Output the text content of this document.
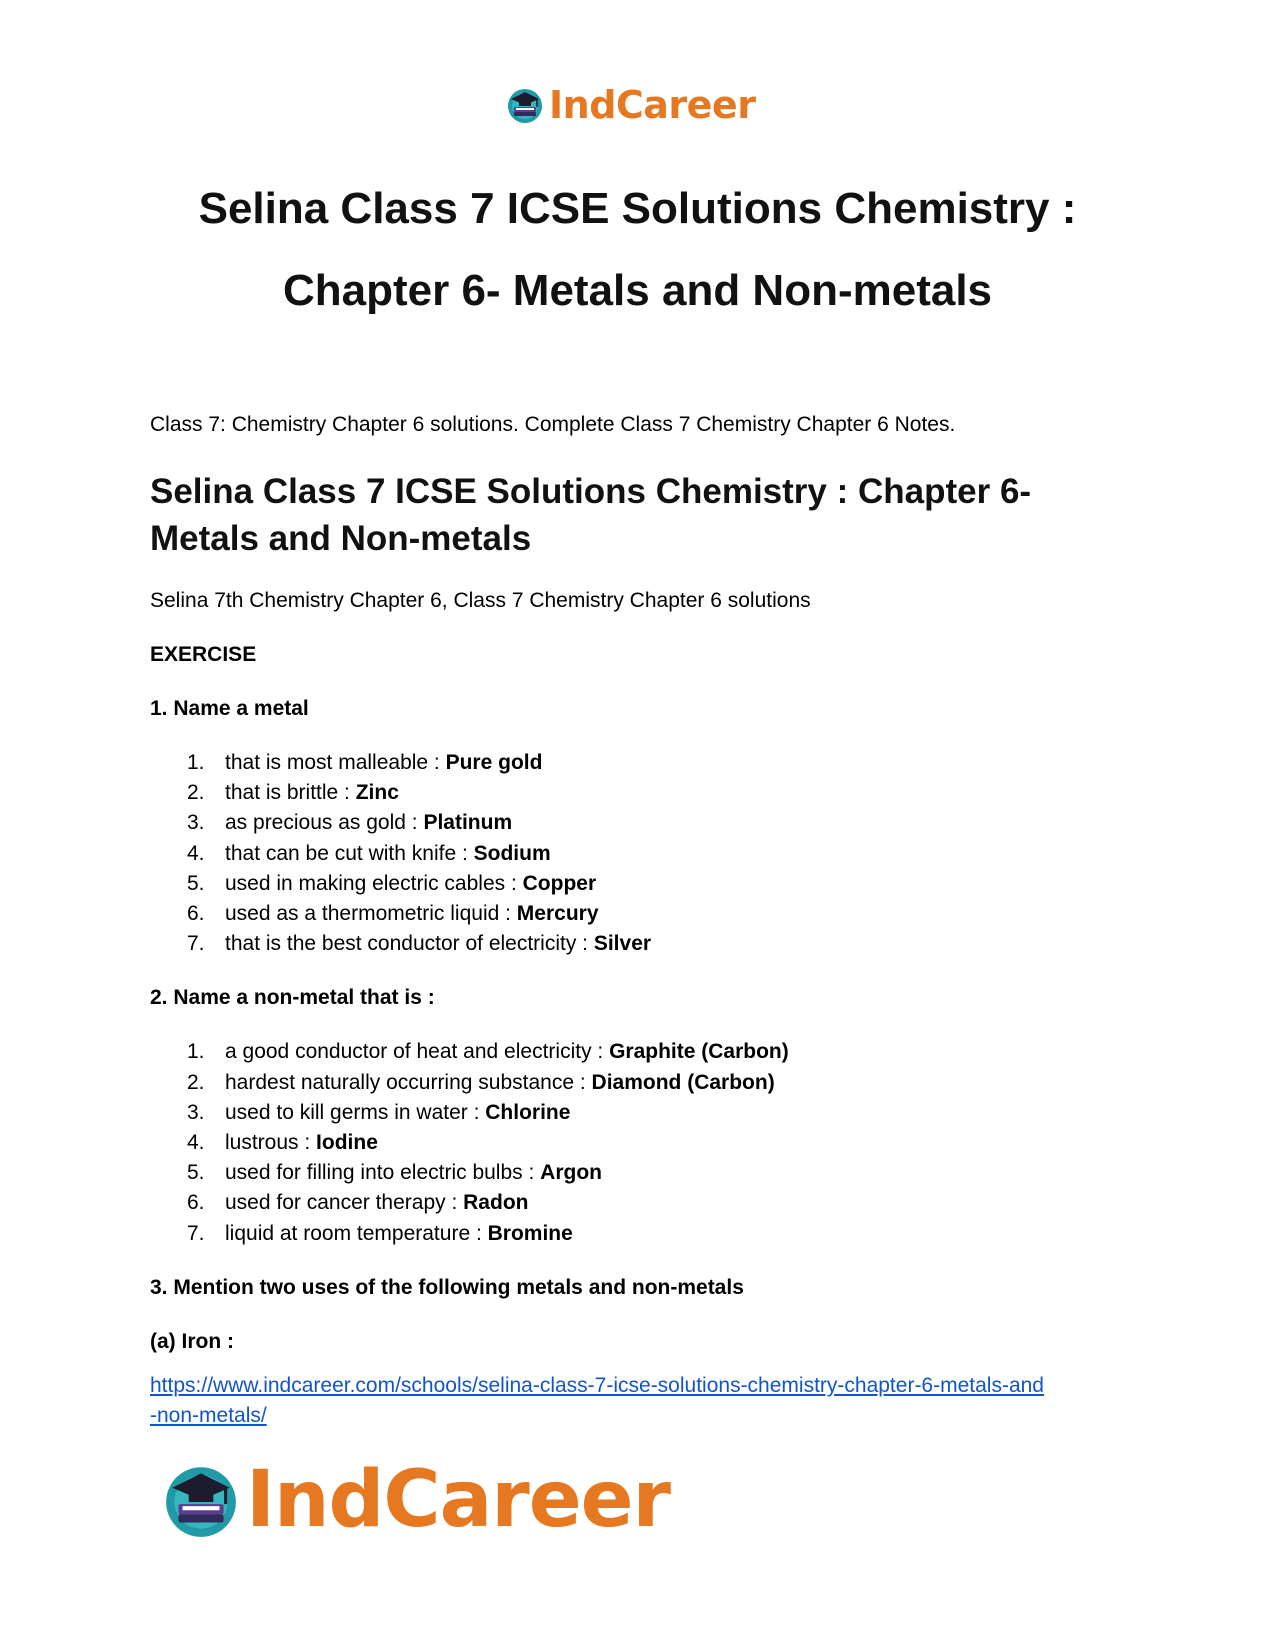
IndCareer
Selina Class 7 ICSE Solutions Chemistry :
Chapter 6- Metals and Non-metals

Class 7: Chemistry Chapter 6 solutions. Complete Class 7 Chemistry Chapter 6 Notes.

Selina Class 7 ICSE Solutions Chemistry : Chapter 6-
Metals and Non-metals

Selina 7th Chemistry Chapter 6, Class 7 Chemistry Chapter 6 solutions

EXERCISE

1. Name a metal

1. that is most malleable : Pure gold
2. that is brittle : Zinc
3. as precious as gold : Platinum
4. that can be cut with knife : Sodium
5. used in making electric cables : Copper
6. used as a thermometric liquid : Mercury
7. that is the best conductor of electricity : Silver

2. Name a non-metal that is :

1. a good conductor of heat and electricity : Graphite (Carbon)
2. hardest naturally occurring substance : Diamond (Carbon)
3. used to kill germs in water : Chlorine
4. lustrous : Iodine
5. used for filling into electric bulbs : Argon
6. used for cancer therapy : Radon
7. liquid at room temperature : Bromine

3. Mention two uses of the following metals and non-metals

(a) Iron :

https://www.indcareer.com/schools/selina-class-7-icse-solutions-chemistry-chapter-6-metals-and
-non-metals/
IndCareer
